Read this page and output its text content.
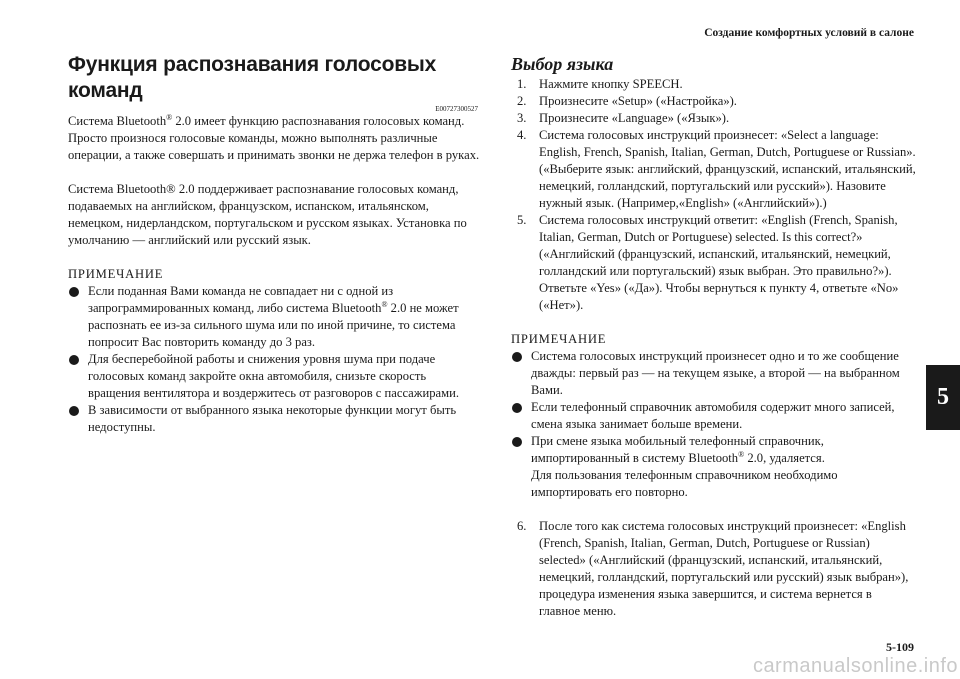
Создание комфортных условий в салоне
5
Функция распознавания голосовых команд
E00727300527

Система Bluetooth® 2.0 имеет функцию распознавания голосовых команд.

Просто произнося голосовые команды, можно выполнять различные операции, а также совершать и принимать звонки не держа телефон в руках.

Система Bluetooth® 2.0 поддерживает распознавание голосовых команд, подаваемых на английском, французском, испанском, итальянском, немецком, нидерландском, португальском и русском языках. Установка по умолчанию — английский или русский язык.

ПРИМЕЧАНИЕ
Если поданная Вами команда не совпадает ни с одной из запрограммированных команд, либо система Bluetooth® 2.0 не может распознать ее из-за сильного шума или по иной причине, то система попросит Вас повторить команду до 3 раз.
Для бесперебойной работы и снижения уровня шума при подаче голосовых команд закройте окна автомобиля, снизьте скорость вращения вентилятора и воздержитесь от разговоров с пассажирами.
В зависимости от выбранного языка некоторые функции могут быть недоступны.
Выбор языка
1. Нажмите кнопку SPEECH.
2. Произнесите «Setup» («Настройка»).
3. Произнесите «Language» («Язык»).
4. Система голосовых инструкций произнесет: «Select a language: English, French, Spanish, Italian, German, Dutch, Portuguese or Russian». («Выберите язык: английский, французский, испанский, итальянский, немецкий, голландский, португальский или русский»). Назовите нужный язык. (Например,«English» («Английский»).)
5. Система голосовых инструкций ответит: «English (French, Spanish, Italian, German, Dutch or Portuguese) selected. Is this correct?» («Английский (французский, испанский, итальянский, немецкий, голландский или португальский) язык выбран. Это правильно?»). Ответьте «Yes» («Да»). Чтобы вернуться к пункту 4, ответьте «No» («Нет»).
ПРИМЕЧАНИЕ
Система голосовых инструкций произнесет одно и то же сообщение дважды: первый раз — на текущем языке, а второй — на выбранном Вами.
Если телефонный справочник автомобиля содержит много записей, смена языка занимает больше времени.
При смене языка мобильный телефонный справочник, импортированный в систему Bluetooth® 2.0, удаляется.
Для пользования телефонным справочником необходимо импортировать его повторно.
6. После того как система голосовых инструкций произнесет: «English (French, Spanish, Italian, German, Dutch, Portuguese or Russian) selected» («Английский (французский, испанский, итальянский, немецкий, голландский, португальский или русский) язык выбран»), процедура изменения языка завершится, и система вернется в главное меню.
5-109
carmanualsonline.info
